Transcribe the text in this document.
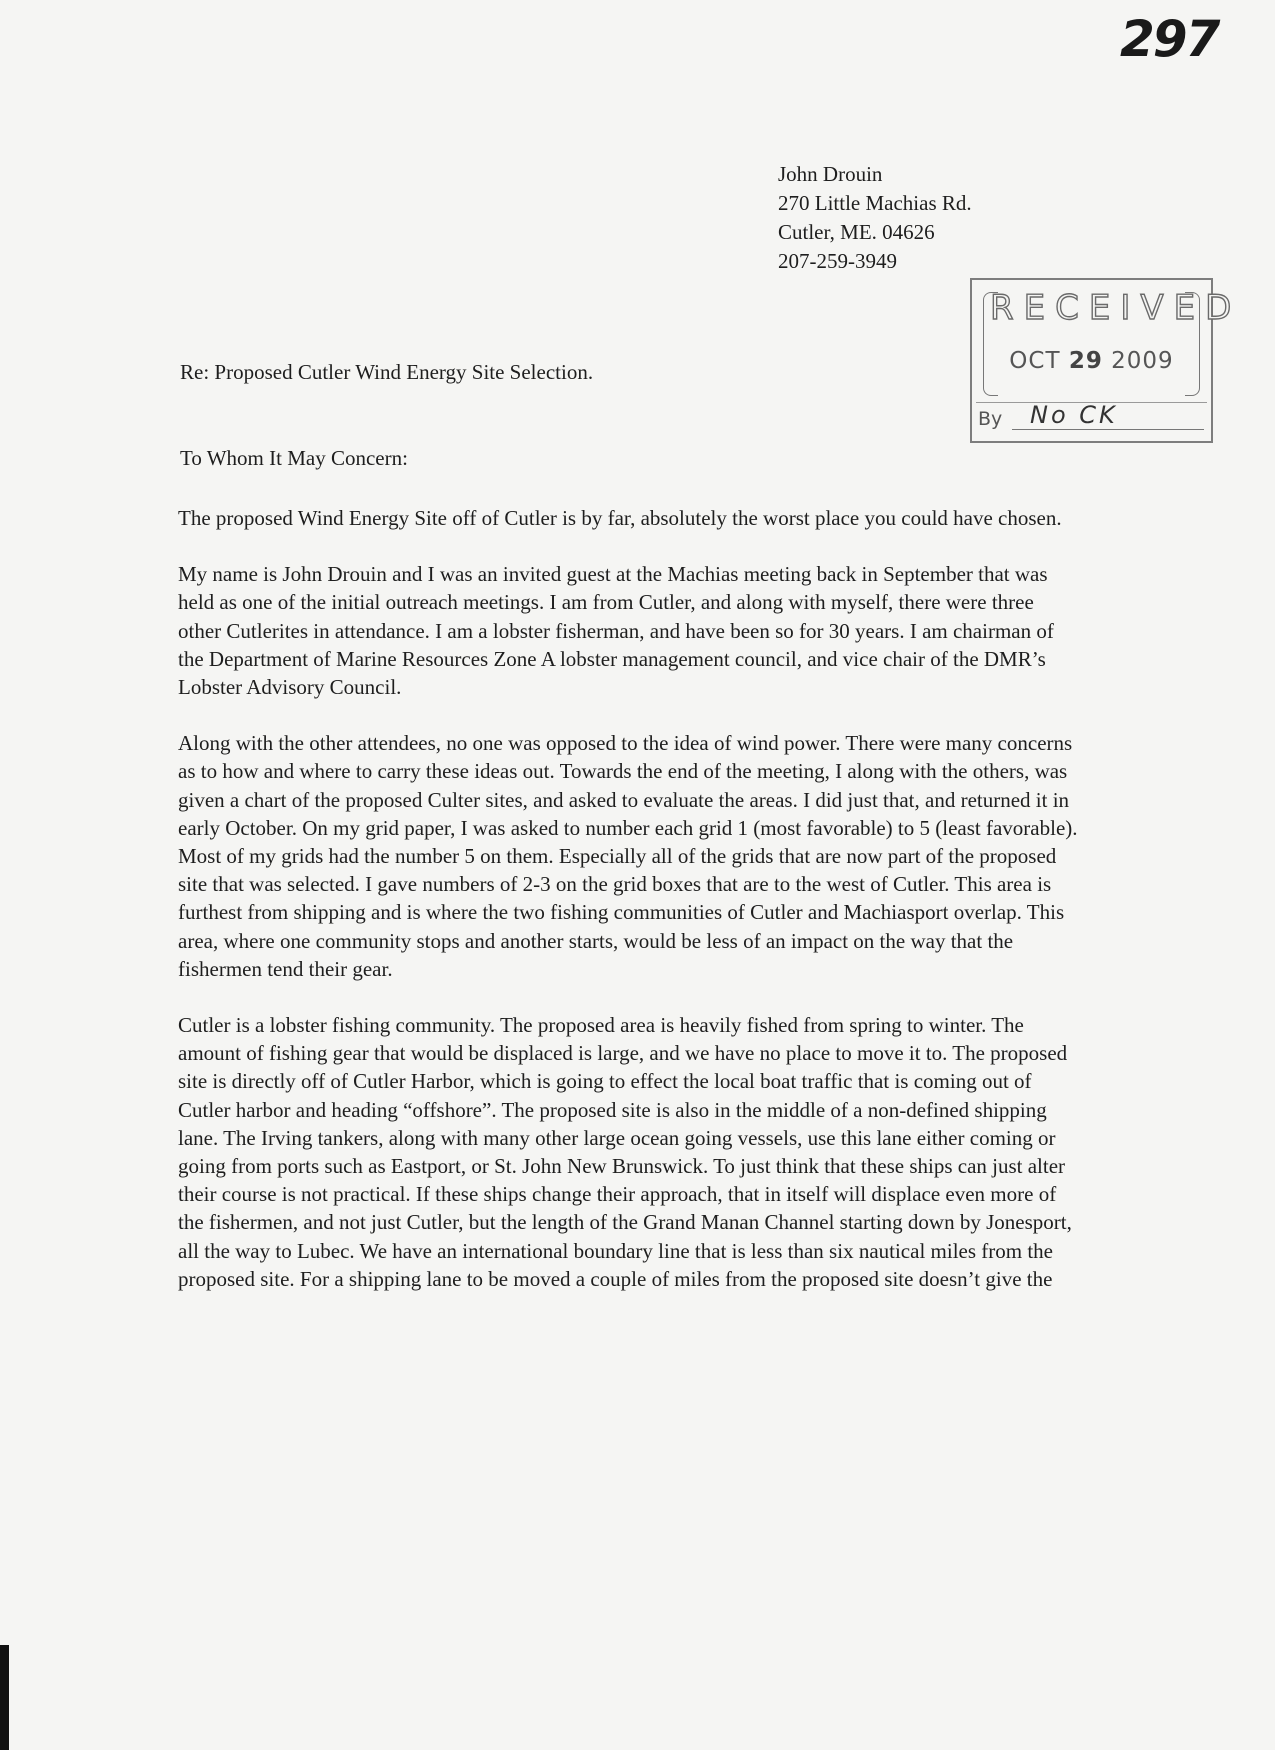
297
John Drouin
270 Little Machias Rd.
Cutler, ME. 04626
207-259-3949
RECEIVED
OCT 29 2009
By	No CK
Re: Proposed Cutler Wind Energy Site Selection.
To Whom It May Concern:

The proposed Wind Energy Site off of Cutler is by far, absolutely the worst place you could have chosen.

My name is John Drouin and I was an invited guest at the Machias meeting back in September that was held as one of the initial outreach meetings. I am from Cutler, and along with myself, there were three other Cutlerites in attendance. I am a lobster fisherman, and have been so for 30 years. I am chairman of the Department of Marine Resources Zone A lobster management council, and vice chair of the DMR’s Lobster Advisory Council.

Along with the other attendees, no one was opposed to the idea of wind power. There were many concerns as to how and where to carry these ideas out. Towards the end of the meeting, I along with the others, was given a chart of the proposed Culter sites, and asked to evaluate the areas. I did just that, and returned it in early October. On my grid paper, I was asked to number each grid 1 (most favorable) to 5 (least favorable). Most of my grids had the number 5 on them. Especially all of the grids that are now part of the proposed site that was selected. I gave numbers of 2-3 on the grid boxes that are to the west of Cutler. This area is furthest from shipping and is where the two fishing communities of Cutler and Machiasport overlap. This area, where one community stops and another starts, would be less of an impact on the way that the fishermen tend their gear.

Cutler is a lobster fishing community. The proposed area is heavily fished from spring to winter. The amount of fishing gear that would be displaced is large, and we have no place to move it to. The proposed site is directly off of Cutler Harbor, which is going to effect the local boat traffic that is coming out of Cutler harbor and heading “offshore”. The proposed site is also in the middle of a non-defined shipping lane. The Irving tankers, along with many other large ocean going vessels, use this lane either coming or going from ports such as Eastport, or St. John New Brunswick. To just think that these ships can just alter their course is not practical. If these ships change their approach, that in itself will displace even more of the fishermen, and not just Cutler, but the length of the Grand Manan Channel starting down by Jonesport, all the way to Lubec. We have an international boundary line that is less than six nautical miles from the proposed site. For a shipping lane to be moved a couple of miles from the proposed site doesn’t give the
